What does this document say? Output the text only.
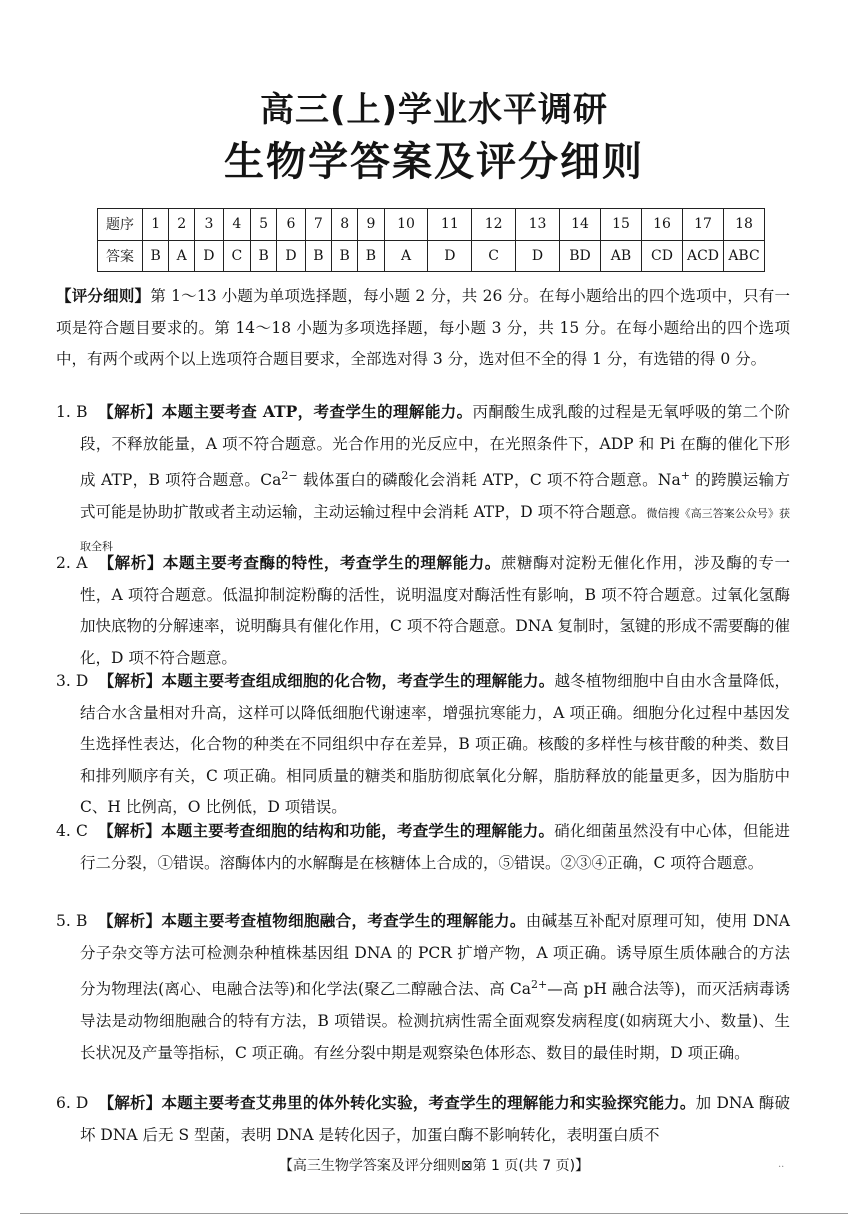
高三(上)学业水平调研
生物学答案及评分细则
题序	1	2	3	4	5	6	7	8	9	10	11	12	13	14	15	16	17	18
答案	B	A	D	C	B	D	B	B	B	A	D	C	D	BD	AB	CD	ACD	ABC
【评分细则】第 1～13 小题为单项选择题，每小题 2 分，共 26 分。在每小题给出的四个选项中，只有一项是符合题目要求的。第 14～18 小题为多项选择题，每小题 3 分，共 15 分。在每小题给出的四个选项中，有两个或两个以上选项符合题目要求，全部选对得 3 分，选对但不全的得 1 分，有选错的得 0 分。
1. B 【解析】本题主要考查 ATP，考查学生的理解能力。丙酮酸生成乳酸的过程是无氧呼吸的第二个阶段，不释放能量，A 项不符合题意。光合作用的光反应中，在光照条件下，ADP 和 Pi 在酶的催化下形成 ATP，B 项符合题意。$Ca^{2-}$ 载体蛋白的磷酸化会消耗 ATP，C 项不符合题意。Na+ 的跨膜运输方式可能是协助扩散或者主动运输，主动运输过程中会消耗 ATP，D 项不符合题意。微信搜《高三答案公众号》获取全科
2. A 【解析】本题主要考查酶的特性，考查学生的理解能力。蔗糖酶对淀粉无催化作用，涉及酶的专一性，A 项符合题意。低温抑制淀粉酶的活性，说明温度对酶活性有影响，B 项不符合题意。过氧化氢酶加快底物的分解速率，说明酶具有催化作用，C 项不符合题意。DNA 复制时，氢键的形成不需要酶的催化，D 项不符合题意。
3. D 【解析】本题主要考查组成细胞的化合物，考查学生的理解能力。越冬植物细胞中自由水含量降低，结合水含量相对升高，这样可以降低细胞代谢速率，增强抗寒能力，A 项正确。细胞分化过程中基因发生选择性表达，化合物的种类在不同组织中存在差异，B 项正确。核酸的多样性与核苷酸的种类、数目和排列顺序有关，C 项正确。相同质量的糖类和脂肪彻底氧化分解，脂肪释放的能量更多，因为脂肪中 C、H 比例高，O 比例低，D 项错误。
4. C 【解析】本题主要考查细胞的结构和功能，考查学生的理解能力。硝化细菌虽然没有中心体，但能进行二分裂，①错误。溶酶体内的水解酶是在核糖体上合成的，⑤错误。②③④正确，C 项符合题意。
5. B 【解析】本题主要考查植物细胞融合，考查学生的理解能力。由碱基互补配对原理可知，使用 DNA 分子杂交等方法可检测杂种植株基因组 DNA 的 PCR 扩增产物，A 项正确。诱导原生质体融合的方法分为物理法(离心、电融合法等)和化学法(聚乙二醇融合法、高 $Ca^{2+}—$高 pH 融合法等)，而灭活病毒诱导法是动物细胞融合的特有方法，B 项错误。检测抗病性需全面观察发病程度(如病斑大小、数量)、生长状况及产量等指标，C 项正确。有丝分裂中期是观察染色体形态、数目的最佳时期，D 项正确。
6. D 【解析】本题主要考查艾弗里的体外转化实验，考查学生的理解能力和实验探究能力。加 DNA 酶破坏 DNA 后无 S 型菌，表明 DNA 是转化因子，加蛋白酶不影响转化，表明蛋白质不
【高三生物学答案及评分细则⊠第 1 页(共 7 页)】	··
